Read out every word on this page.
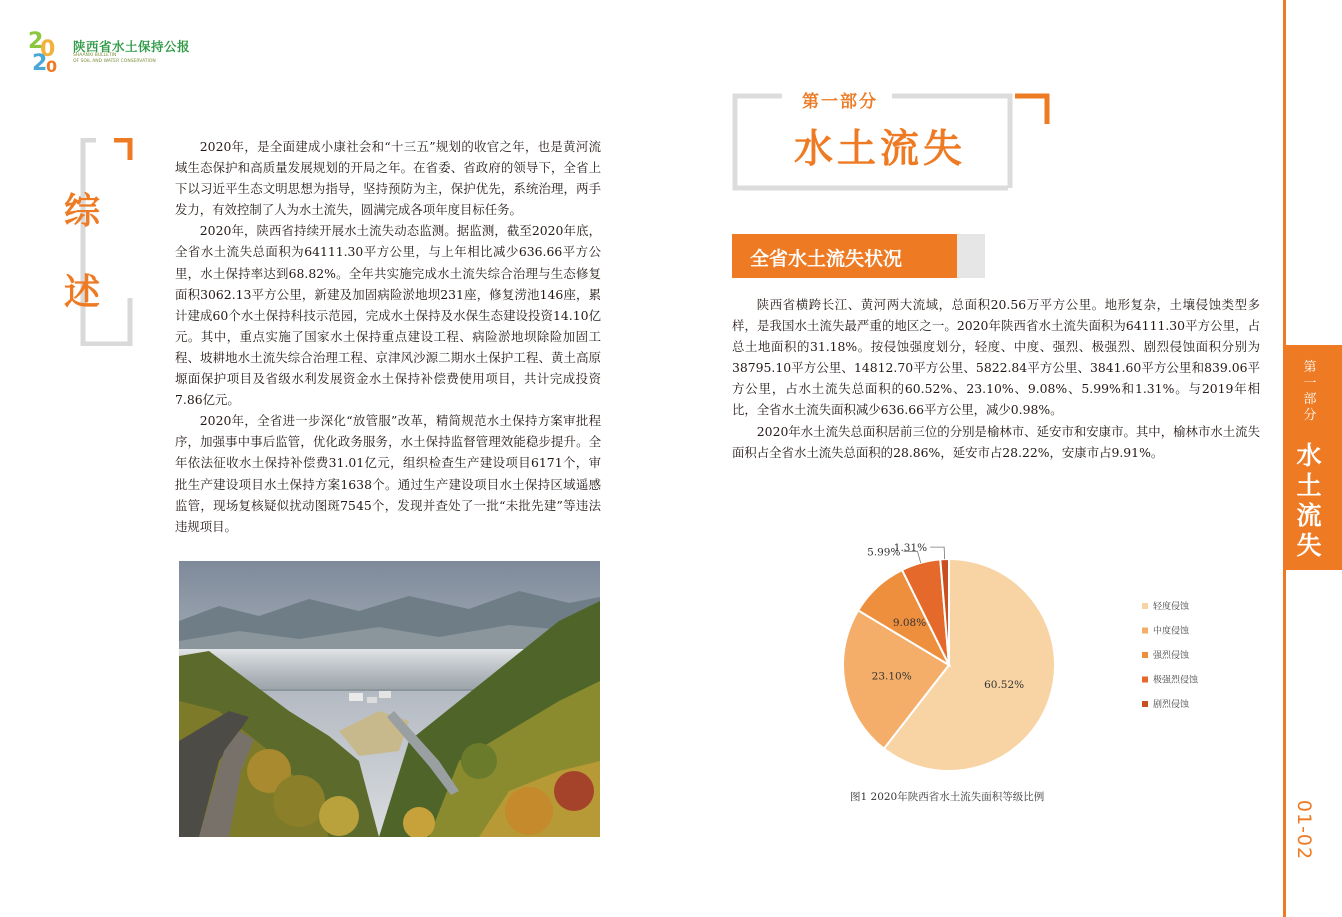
2
0
2
0
陕西省水土保持公报
SHAANXI BULLETIN
OF SOIL AND WATER CONSERVATION
综
述

2020年，是全面建成小康社会和“十三五”规划的收官之年，也是黄河流域生态保护和高质量发展规划的开局之年。在省委、省政府的领导下，全省上下以习近平生态文明思想为指导，坚持预防为主，保护优先，系统治理，两手发力，有效控制了人为水土流失，圆满完成各项年度目标任务。

2020年，陕西省持续开展水土流失动态监测。据监测，截至2020年底，全省水土流失总面积为64111.30平方公里，与上年相比减少636.66平方公里，水土保持率达到68.82%。全年共实施完成水土流失综合治理与生态修复面积3062.13平方公里，新建及加固病险淤地坝231座，修复涝池146座，累计建成60个水土保持科技示范园，完成水土保持及水保生态建设投资14.10亿元。其中，重点实施了国家水土保持重点建设工程、病险淤地坝除险加固工程、坡耕地水土流失综合治理工程、京津风沙源二期水土保护工程、黄土高原塬面保护项目及省级水利发展资金水土保持补偿费使用项目，共计完成投资7.86亿元。

2020年，全省进一步深化“放管服”改革，精简规范水土保持方案审批程序，加强事中事后监管，优化政务服务，水土保持监督管理效能稳步提升。全年依法征收水土保持补偿费31.01亿元，组织检查生产建设项目6171个，审批生产建设项目水土保持方案1638个。通过生产建设项目水土保持区域遥感监管，现场复核疑似扰动图斑7545个，发现并查处了一批“未批先建”等违法违规项目。

第一部分
水土流失
全省水土流失状况

陕西省横跨长江、黄河两大流域，总面积20.56万平方公里。地形复杂，土壤侵蚀类型多样，是我国水土流失最严重的地区之一。2020年陕西省水土流失面积为64111.30平方公里，占总土地面积的31.18%。按侵蚀强度划分，轻度、中度、强烈、极强烈、剧烈侵蚀面积分别为38795.10平方公里、14812.70平方公里、5822.84平方公里、3841.60平方公里和839.06平方公里，占水土流失总面积的60.52%、23.10%、9.08%、5.99%和1.31%。与2019年相比，全省水土流失面积减少636.66平方公里，减少0.98%。

2020年水土流失总面积居前三位的分别是榆林市、延安市和安康市。其中，榆林市水土流失面积占全省水土流失总面积的28.86%，延安市占28.22%，安康市占9.91%。

60.52%
23.10%
9.08%
5.99%
1.31%
轻度侵蚀
中度侵蚀
强烈侵蚀
极强烈侵蚀
剧烈侵蚀
图1 2020年陕西省水土流失面积等级比例
第
一
部
分
水
土
流
失
01-02
